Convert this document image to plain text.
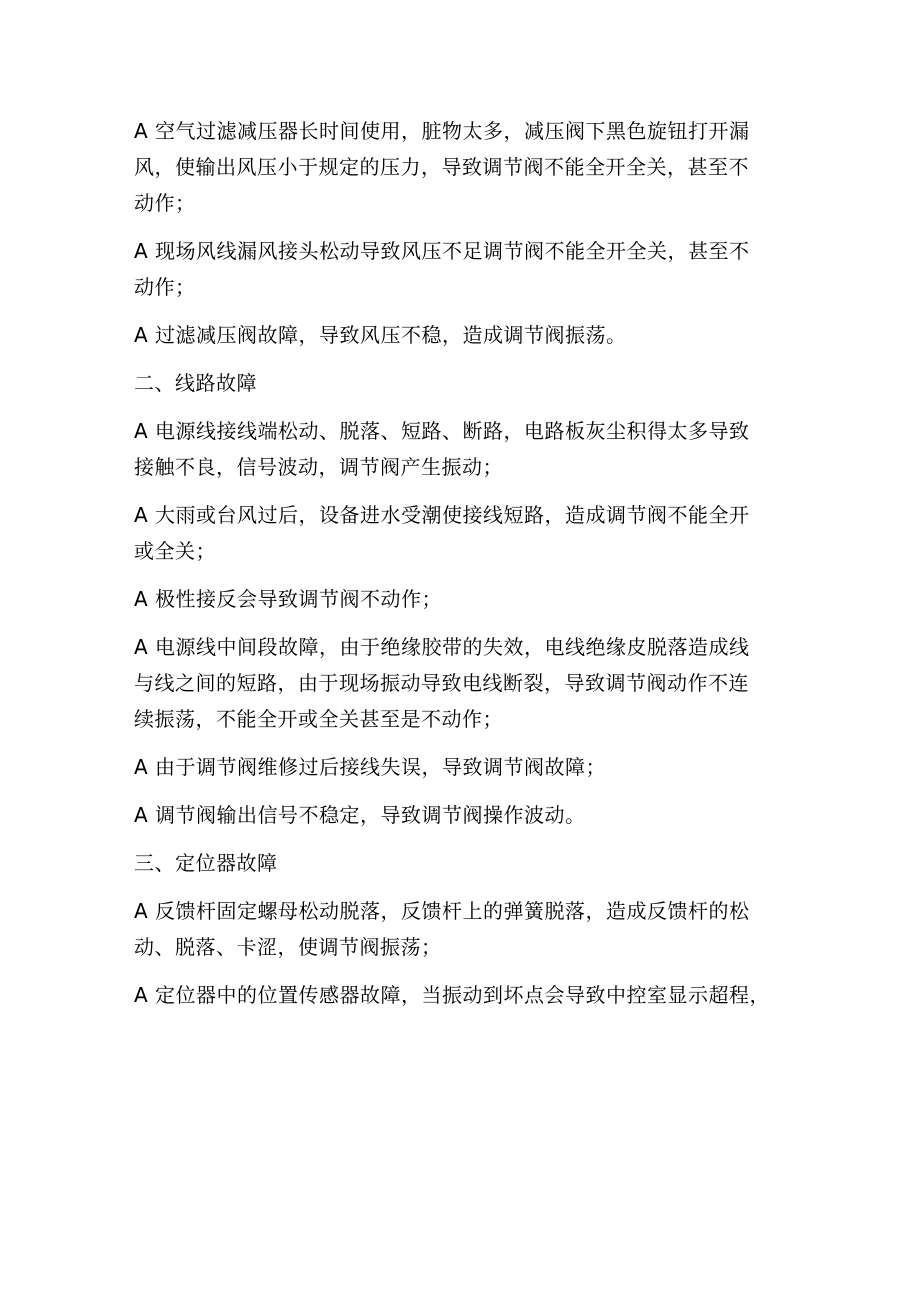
A 空气过滤减压器长时间使用，脏物太多，减压阀下黑色旋钮打开漏
风，使输出风压小于规定的压力，导致调节阀不能全开全关，甚至不
动作；

A 现场风线漏风接头松动导致风压不足调节阀不能全开全关，甚至不
动作；

A 过滤减压阀故障，导致风压不稳，造成调节阀振荡。

二、线路故障

A 电源线接线端松动、脱落、短路、断路，电路板灰尘积得太多导致
接触不良，信号波动，调节阀产生振动；

A 大雨或台风过后，设备进水受潮使接线短路，造成调节阀不能全开
或全关；

A 极性接反会导致调节阀不动作；

A 电源线中间段故障，由于绝缘胶带的失效，电线绝缘皮脱落造成线
与线之间的短路，由于现场振动导致电线断裂，导致调节阀动作不连
续振荡，不能全开或全关甚至是不动作；

A 由于调节阀维修过后接线失误，导致调节阀故障；

A 调节阀输出信号不稳定，导致调节阀操作波动。

三、定位器故障

A 反馈杆固定螺母松动脱落，反馈杆上的弹簧脱落，造成反馈杆的松
动、脱落、卡涩，使调节阀振荡；

A 定位器中的位置传感器故障，当振动到坏点会导致中控室显示超程，
